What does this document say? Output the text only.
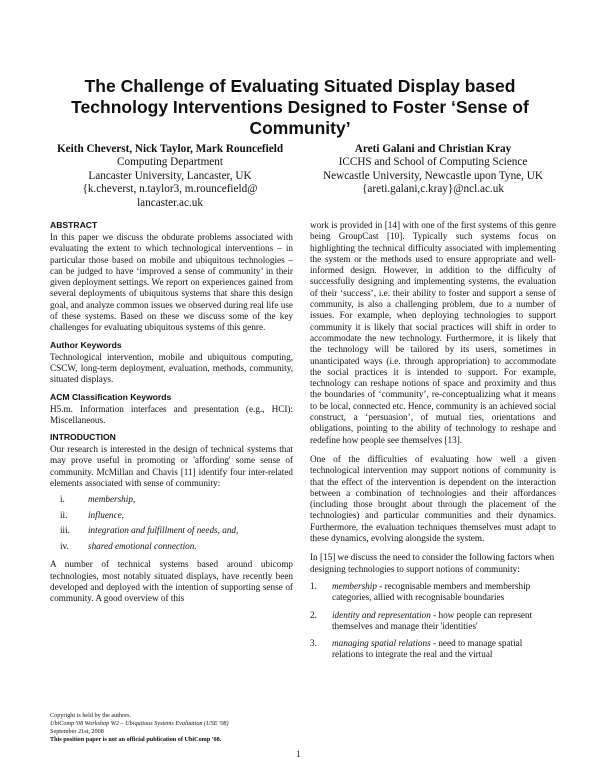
The Challenge of Evaluating Situated Display based Technology Interventions Designed to Foster ‘Sense of Community’
Keith Cheverst, Nick Taylor, Mark Rouncefield
Computing Department
Lancaster University, Lancaster, UK
{k.cheverst, n.taylor3, m.rouncefield@ lancaster.ac.uk
Areti Galani and Christian Kray
ICCHS and School of Computing Science
Newcastle University, Newcastle upon Tyne, UK
{areti.galani,c.kray}@ncl.ac.uk
ABSTRACT

In this paper we discuss the obdurate problems associated with evaluating the extent to which technological interventions – in particular those based on mobile and ubiquitous technologies – can be judged to have ‘improved a sense of community’ in their given deployment settings. We report on experiences gained from several deployments of ubiquitous systems that share this design goal, and analyze common issues we observed during real life use of these systems. Based on these we discuss some of the key challenges for evaluating ubiquitous systems of this genre.

Author Keywords

Technological intervention, mobile and ubiquitous computing, CSCW, long-term deployment, evaluation, methods, community, situated displays.

ACM Classification Keywords

H5.m. Information interfaces and presentation (e.g., HCI): Miscellaneous.

INTRODUCTION

Our research is interested in the design of technical systems that may prove useful in promoting or 'affording' some sense of community. McMillan and Chavis [11] identify four inter-related elements associated with sense of community:

i.	membership,
ii.	influence,
iii.	integration and fulfillment of needs, and,
iv.	shared emotional connection.

A number of technical systems based around ubicomp technologies, most notably situated displays, have recently been developed and deployed with the intention of supporting sense of community. A good overview of this

work is provided in [14] with one of the first systems of this genre being GroupCast [10]. Typically such systems focus on highlighting the technical difficulty associated with implementing the system or the methods used to ensure appropriate and well-informed design. However, in addition to the difficulty of successfully designing and implementing systems, the evaluation of their ‘success’, i.e. their ability to foster and support a sense of community, is also a challenging problem, due to a number of issues. For example, when deploying technologies to support community it is likely that social practices will shift in order to accommodate the new technology. Furthermore, it is likely that the technology will be tailored by its users, sometimes in unanticipated ways (i.e. through appropriation) to accommodate the social practices it is intended to support. For example, technology can reshape notions of space and proximity and thus the boundaries of ‘community’, re-conceptualizing what it means to be local, connected etc. Hence, community is an achieved social construct, a ‘persuasion’, of mutual ties, orientations and obligations, pointing to the ability of technology to reshape and redefine how people see themselves [13].

One of the difficulties of evaluating how well a given technological intervention may support notions of community is that the effect of the intervention is dependent on the interaction between a combination of technologies and their affordances (including those brought about through the placement of the technologies) and particular communities and their dynamics. Furthermore, the evaluation techniques themselves must adapt to these dynamics, evolving alongside the system.

In [15] we discuss the need to consider the following factors when designing technologies to support notions of community:

1.	membership - recognisable members and membership categories, allied with recognisable boundaries
2.	identity and representation - how people can represent themselves and manage their 'identities'
3.	managing spatial relations - need to manage spatial relations to integrate the real and the virtual
Copyright is held by the authors.
UbiComp '08 Workshop W2 – Ubiquitous Systems Evaluation (USE '08)
September 21st, 2008
This position paper is not an official publication of UbiComp '08.
1
